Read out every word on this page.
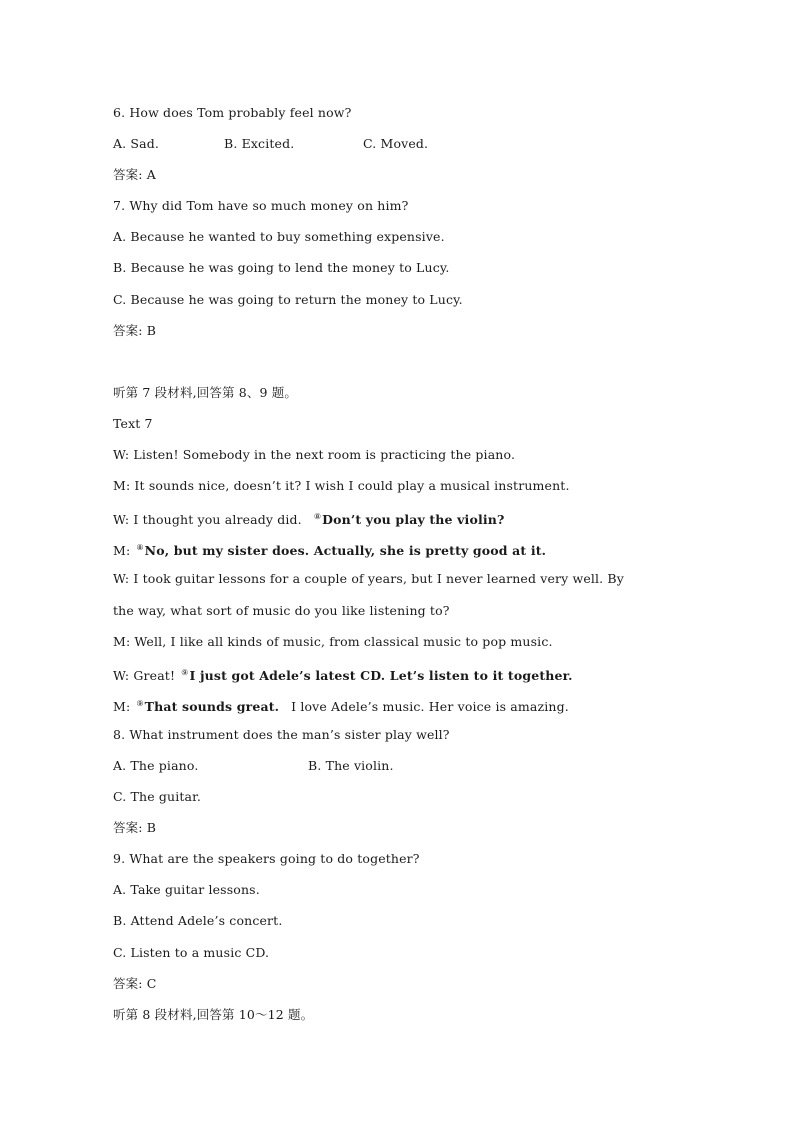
6. How does Tom probably feel now?
A. Sad.	B. Excited.	C. Moved.
答案: A
7. Why did Tom have so much money on him?
A. Because he wanted to buy something expensive.
B. Because he was going to lend the money to Lucy.
C. Because he was going to return the money to Lucy.
答案: B
听第 7 段材料,回答第 8、9 题。
Text 7
W: Listen! Somebody in the next room is practicing the piano.
M: It sounds nice, doesn’t it? I wish I could play a musical instrument.
W: I thought you already did. ⑧Don’t you play the violin?
M: ⑧No, but my sister does. Actually, she is pretty good at it.
W: I took guitar lessons for a couple of years, but I never learned very well. By
the way, what sort of music do you like listening to?
M: Well, I like all kinds of music, from classical music to pop music.
W: Great! ⑨I just got Adele’s latest CD. Let’s listen to it together.
M: ⑨That sounds great. I love Adele’s music. Her voice is amazing.
8. What instrument does the man’s sister play well?
A. The piano.	B. The violin.
C. The guitar.
答案: B
9. What are the speakers going to do together?
A. Take guitar lessons.
B. Attend Adele’s concert.
C. Listen to a music CD.
答案: C
听第 8 段材料,回答第 10～12 题。
